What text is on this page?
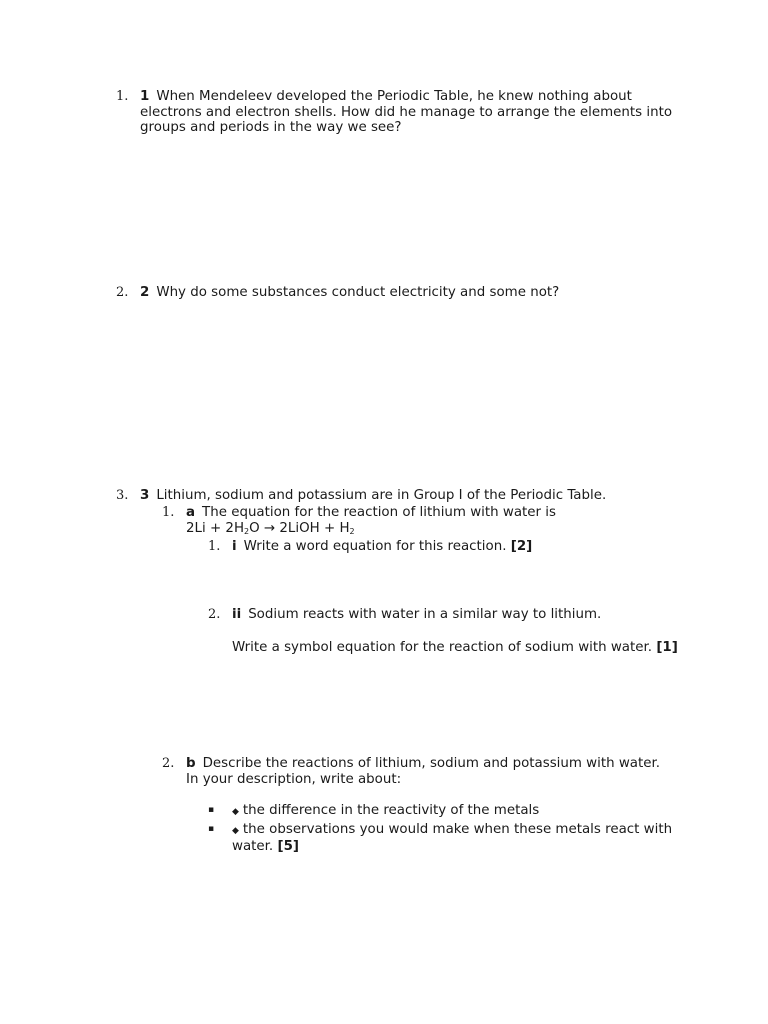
1. 1 When Mendeleev developed the Periodic Table, he knew nothing about electrons and electron shells. How did he manage to arrange the elements into groups and periods in the way we see?
2. 2 Why do some substances conduct electricity and some not?
3. 3 Lithium, sodium and potassium are in Group I of the Periodic Table.
1. a The equation for the reaction of lithium with water is
2Li + 2H2O → 2LiOH + H2
1. i Write a word equation for this reaction. [2]
2. ii Sodium reacts with water in a similar way to lithium.
Write a symbol equation for the reaction of sodium with water. [1]
2. b Describe the reactions of lithium, sodium and potassium with water. In your description, write about:
▪ ◆ the difference in the reactivity of the metals
▪ ◆ the observations you would make when these metals react with water. [5]
